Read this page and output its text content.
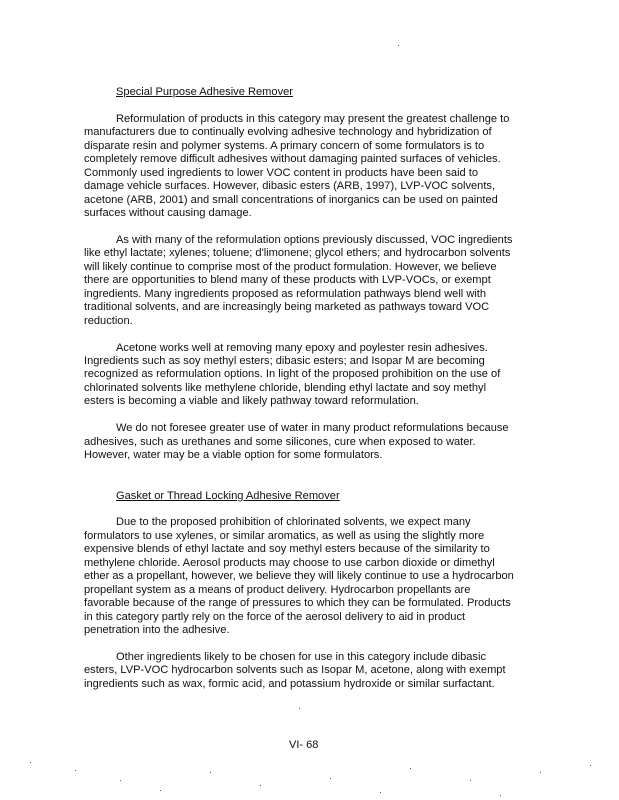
Special Purpose Adhesive Remover
Reformulation of products in this category may present the greatest challenge to
manufacturers due to continually evolving adhesive technology and hybridization of
disparate resin and polymer systems. A primary concern of some formulators is to
completely remove difficult adhesives without damaging painted surfaces of vehicles.
Commonly used ingredients to lower VOC content in products have been said to
damage vehicle surfaces. However, dibasic esters (ARB, 1997), LVP-VOC solvents,
acetone (ARB, 2001) and small concentrations of inorganics can be used on painted
surfaces without causing damage.
As with many of the reformulation options previously discussed, VOC ingredients
like ethyl lactate; xylenes; toluene; d'limonene; glycol ethers; and hydrocarbon solvents
will likely continue to comprise most of the product formulation. However, we believe
there are opportunities to blend many of these products with LVP-VOCs, or exempt
ingredients. Many ingredients proposed as reformulation pathways blend well with
traditional solvents, and are increasingly being marketed as pathways toward VOC
reduction.
Acetone works well at removing many epoxy and poylester resin adhesives.
Ingredients such as soy methyl esters; dibasic esters; and Isopar M are becoming
recognized as reformulation options. In light of the proposed prohibition on the use of
chlorinated solvents like methylene chloride, blending ethyl lactate and soy methyl
esters is becoming a viable and likely pathway toward reformulation.
We do not foresee greater use of water in many product reformulations because
adhesives, such as urethanes and some silicones, cure when exposed to water.
However, water may be a viable option for some formulators.
Gasket or Thread Locking Adhesive Remover
Due to the proposed prohibition of chlorinated solvents, we expect many
formulators to use xylenes, or similar aromatics, as well as using the slightly more
expensive blends of ethyl lactate and soy methyl esters because of the similarity to
methylene chloride. Aerosol products may choose to use carbon dioxide or dimethyl
ether as a propellant, however, we believe they will likely continue to use a hydrocarbon
propellant system as a means of product delivery. Hydrocarbon propellants are
favorable because of the range of pressures to which they can be formulated. Products
in this category partly rely on the force of the aerosol delivery to aid in product
penetration into the adhesive.
Other ingredients likely to be chosen for use in this category include dibasic
esters, LVP-VOC hydrocarbon solvents such as Isopar M, acetone, along with exempt
ingredients such as wax, formic acid, and potassium hydroxide or similar surfactant.
VI- 68
